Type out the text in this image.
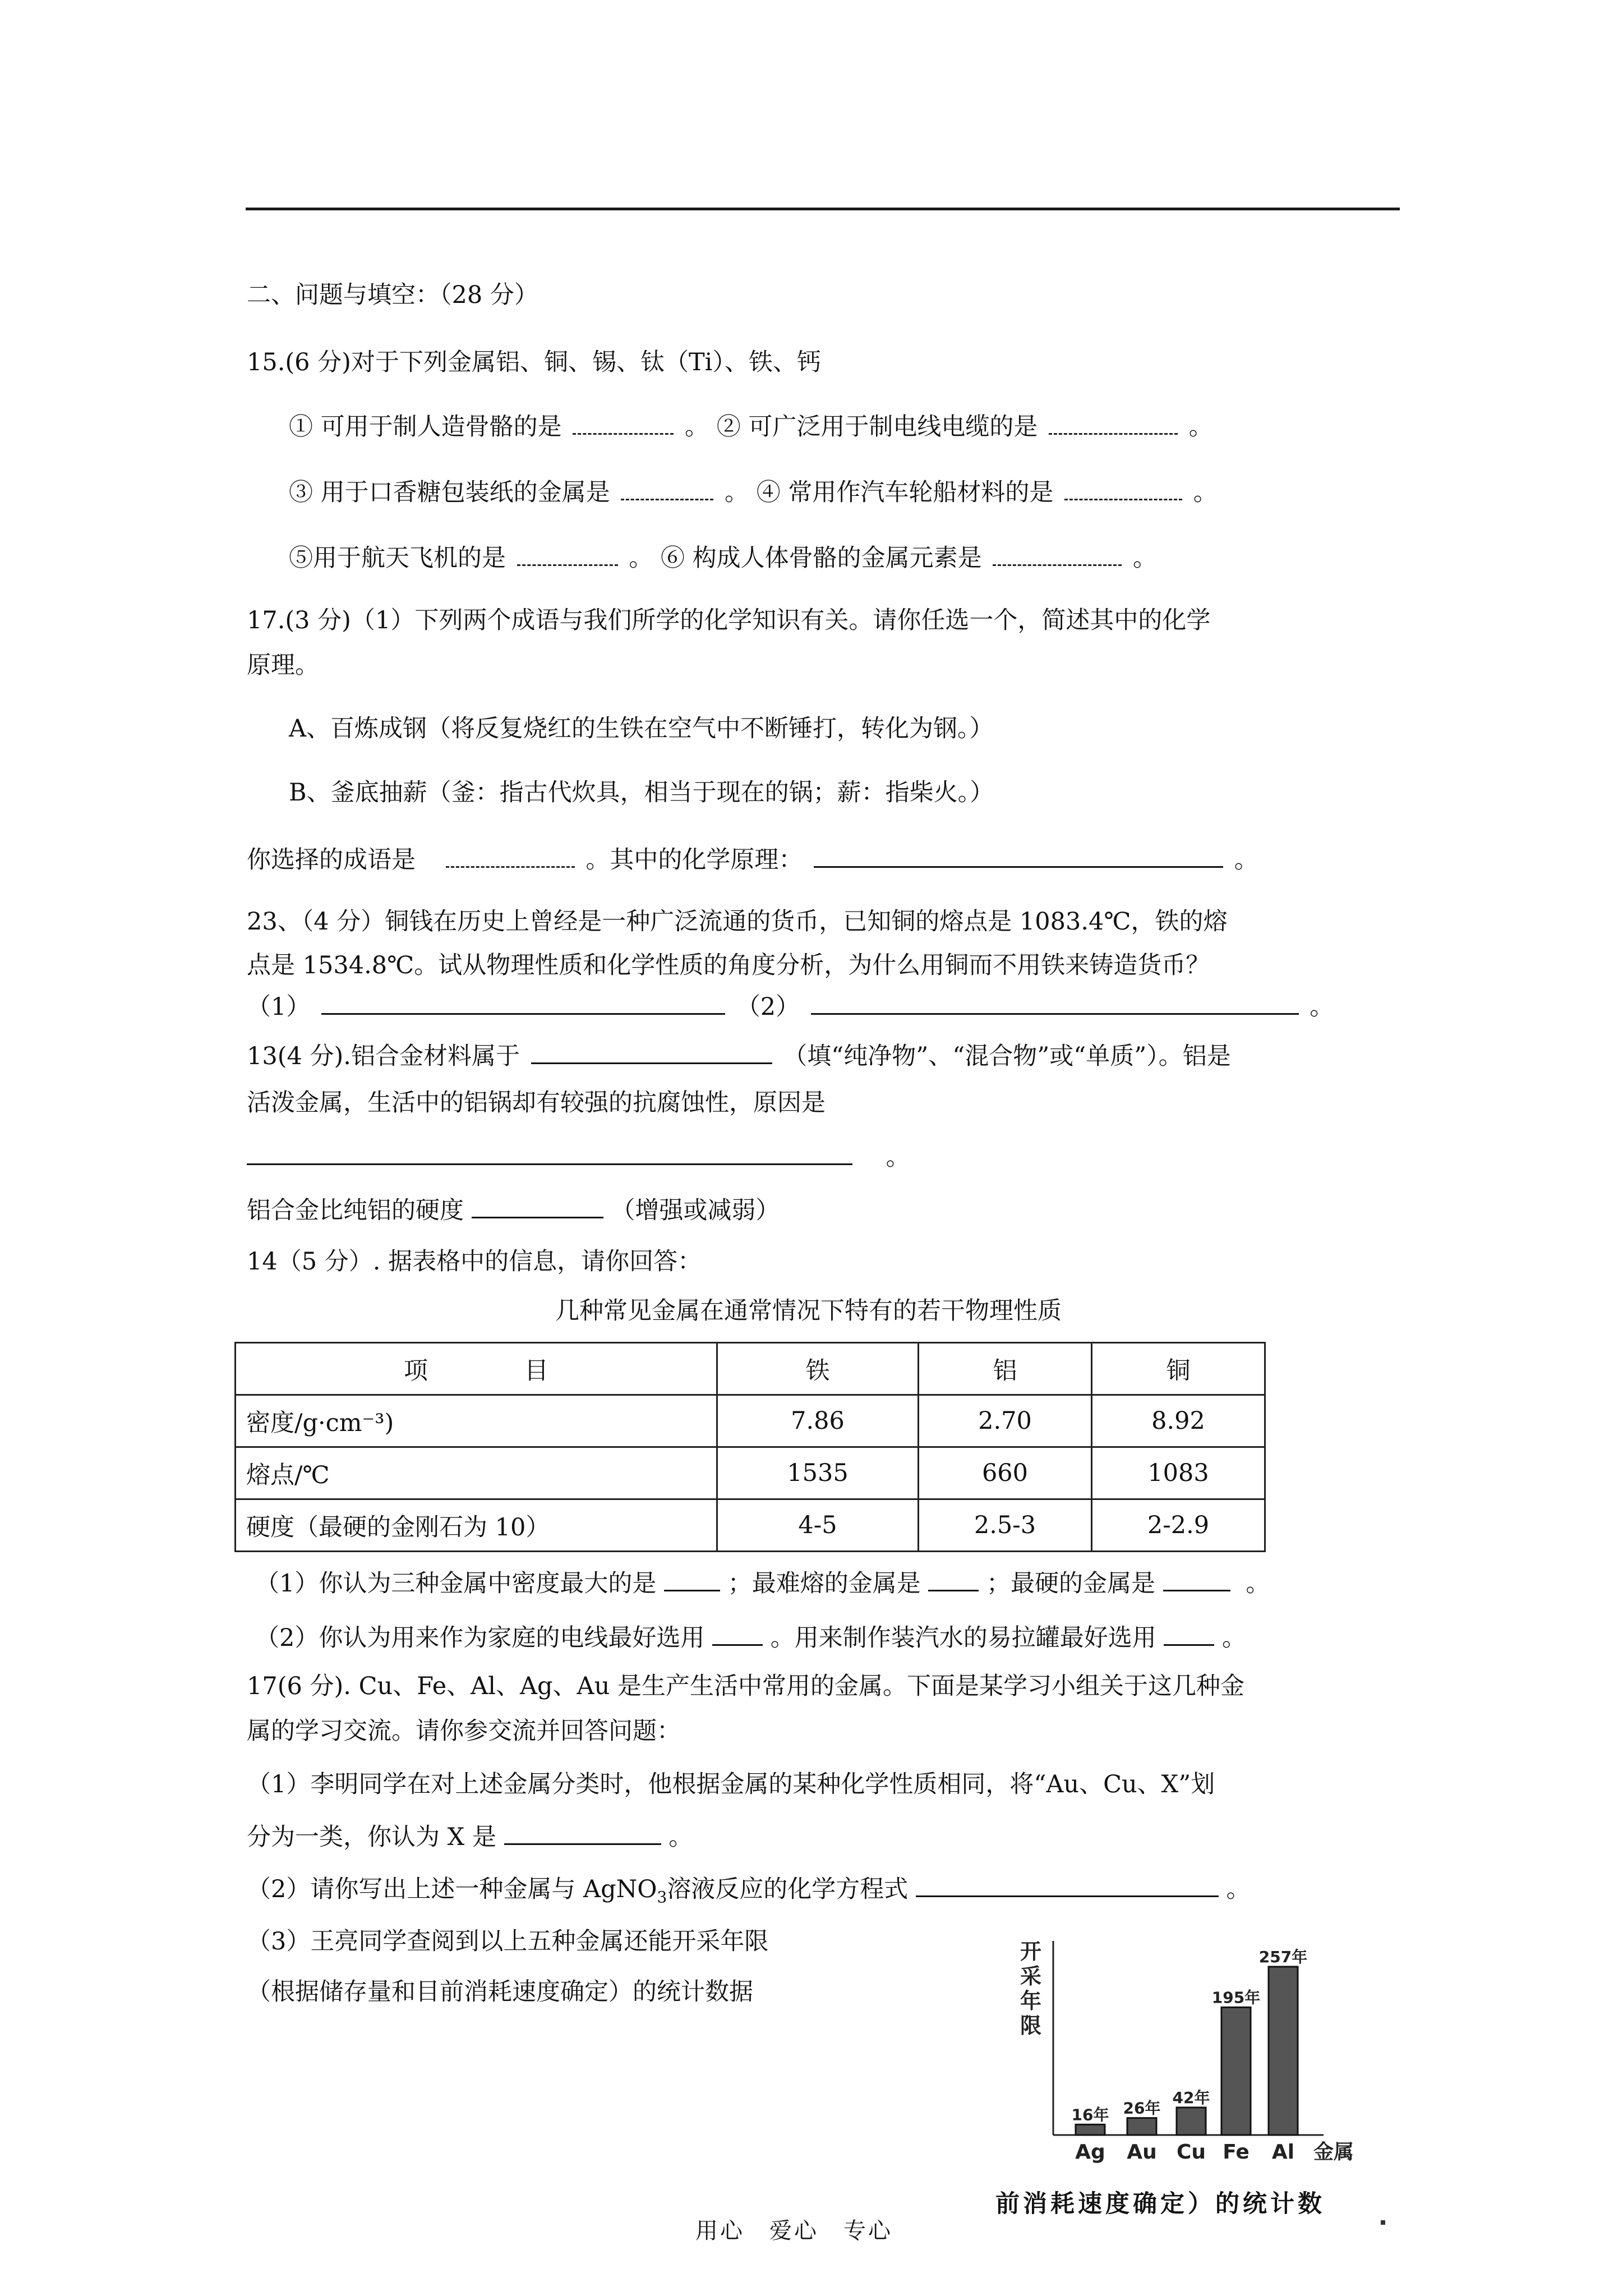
二、问题与填空：（28 分）
15.(6 分)对于下列金属铝、铜、锡、钛（Ti）、铁、钙
① 可用于制人造骨骼的是	。 ② 可广泛用于制电线电缆的是	。
③ 用于口香糖包装纸的金属是	。 ④ 常用作汽车轮船材料的是	。
⑤用于航天飞机的是	。 ⑥ 构成人体骨骼的金属元素是	。
17.(3 分)（1）下列两个成语与我们所学的化学知识有关。请你任选一个，简述其中的化学
原理。
A、百炼成钢（将反复烧红的生铁在空气中不断锤打，转化为钢。）
B、釜底抽薪（釜：指古代炊具，相当于现在的锅；薪：指柴火。）
你选择的成语是	。其中的化学原理：	。
23、（4 分）铜钱在历史上曾经是一种广泛流通的货币，已知铜的熔点是 1083.4℃，铁的熔
点是 1534.8℃。试从物理性质和化学性质的角度分析，为什么用铜而不用铁来铸造货币？
（1）	（2）	。
13(4 分).铝合金材料属于	（填“纯净物”、“混合物”或“单质”）。铝是
活泼金属，生活中的铝锅却有较强的抗腐蚀性，原因是
。
铝合金比纯铝的硬度	（增强或减弱）
14（5 分）. 据表格中的信息，请你回答：
几种常见金属在通常情况下特有的若干物理性质
项　　　　目	铁	铝	铜
密度/g·cm⁻³)	7.86	2.70	8.92
熔点/℃	1535	660	1083
硬度（最硬的金刚石为 10）	4-5	2.5-3	2-2.9
（1）你认为三种金属中密度最大的是	；最难熔的金属是	；最硬的金属是	。
（2）你认为用来作为家庭的电线最好选用	。用来制作装汽水的易拉罐最好选用	。
17(6 分). Cu、Fe、Al、Ag、Au 是生产生活中常用的金属。下面是某学习小组关于这几种金
属的学习交流。请你参交流并回答问题：
（1）李明同学在对上述金属分类时，他根据金属的某种化学性质相同，将“Au、Cu、X”划
分为一类，你认为 X 是	。
（2）请你写出上述一种金属与 AgNO$_3$溶液反应的化学方程式	。
（3）王亮同学查阅到以上五种金属还能开采年限
（根据储存量和目前消耗速度确定）的统计数据
开
采
年
限
16年
Ag
26年
Au
42年
Cu
195年
Fe
257年
Al 金属
前消耗速度确定）的统计数
用心　爱心　专心
